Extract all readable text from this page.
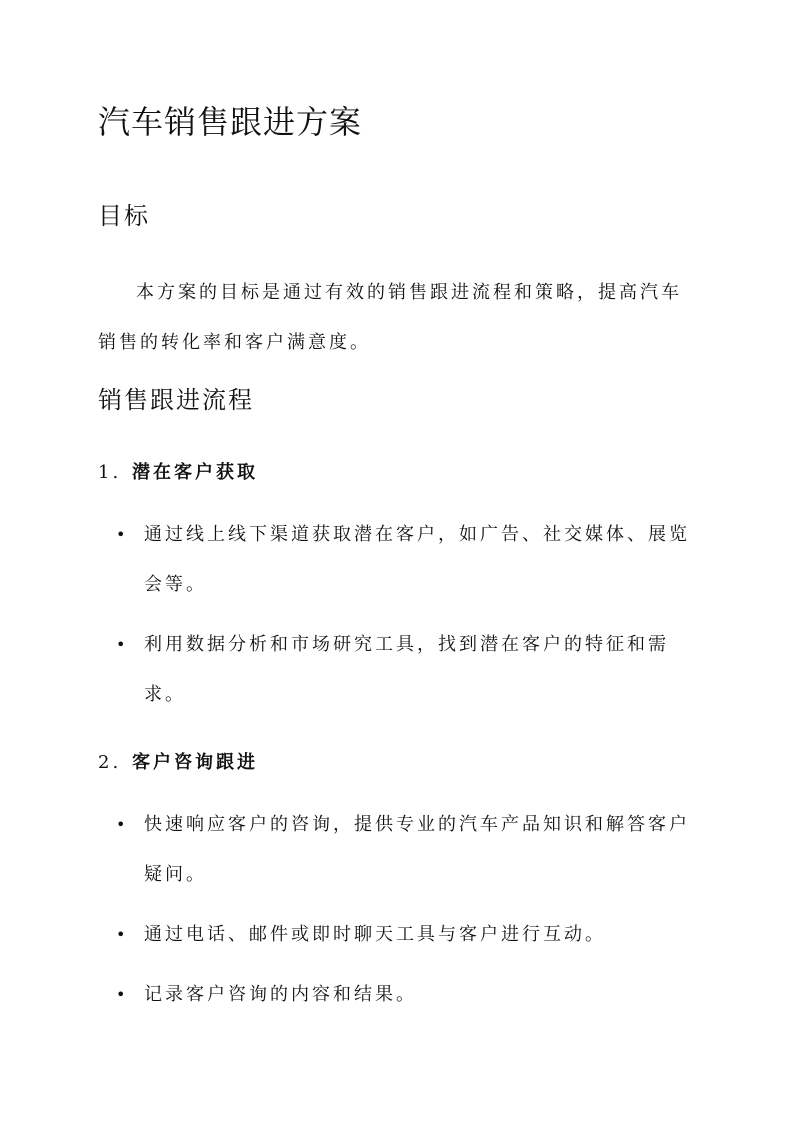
汽车销售跟进方案
目标

本方案的目标是通过有效的销售跟进流程和策略，提高汽车销售的转化率和客户满意度。

销售跟进流程
1. 潜在客户获取
• 通过线上线下渠道获取潜在客户，如广告、社交媒体、展览会等。
• 利用数据分析和市场研究工具，找到潜在客户的特征和需求。
2. 客户咨询跟进
• 快速响应客户的咨询，提供专业的汽车产品知识和解答客户疑问。
• 通过电话、邮件或即时聊天工具与客户进行互动。
• 记录客户咨询的内容和结果。
